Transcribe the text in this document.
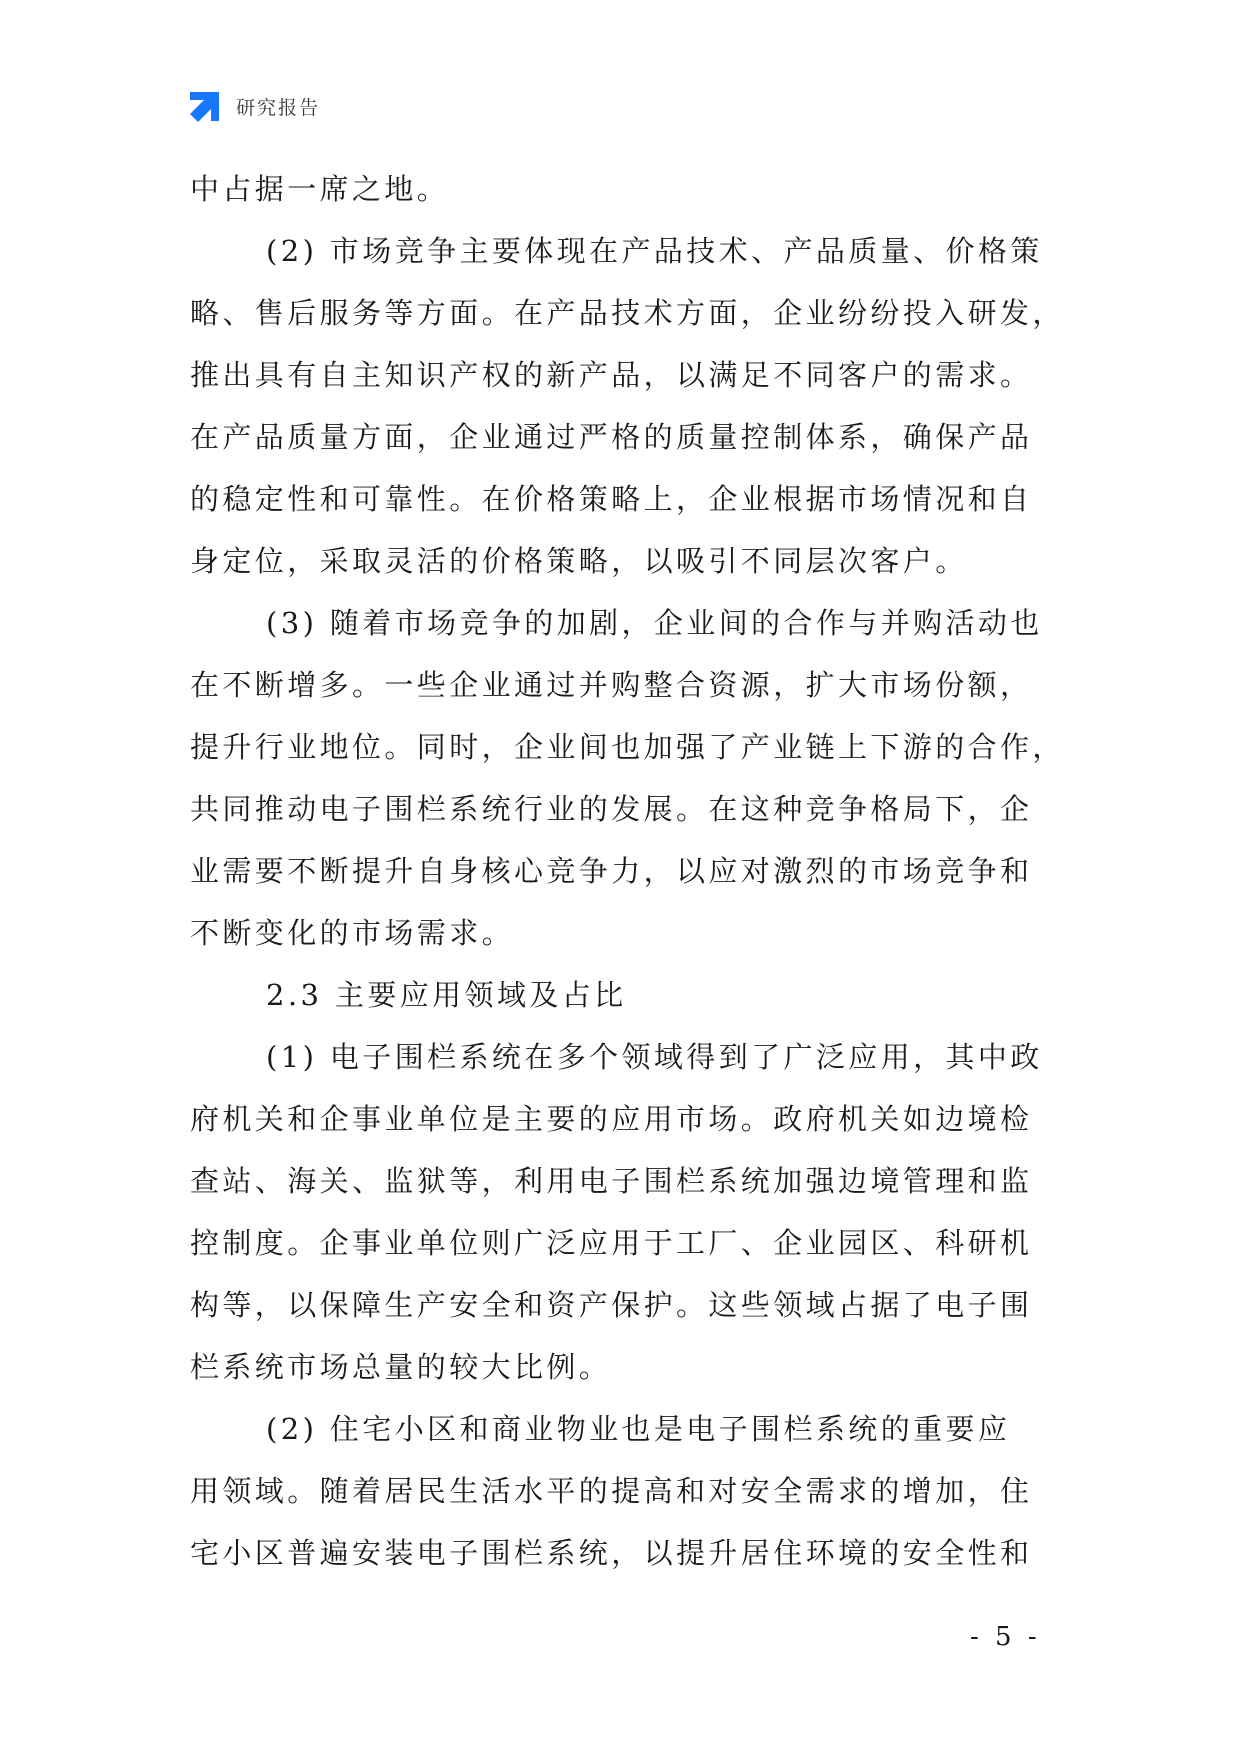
研究报告
中占据一席之地。
(2) 市场竞争主要体现在产品技术、产品质量、价格策
略、售后服务等方面。在产品技术方面，企业纷纷投入研发，
推出具有自主知识产权的新产品，以满足不同客户的需求。
在产品质量方面，企业通过严格的质量控制体系，确保产品
的稳定性和可靠性。在价格策略上，企业根据市场情况和自
身定位，采取灵活的价格策略，以吸引不同层次客户。
(3) 随着市场竞争的加剧，企业间的合作与并购活动也
在不断增多。一些企业通过并购整合资源，扩大市场份额，
提升行业地位。同时，企业间也加强了产业链上下游的合作，
共同推动电子围栏系统行业的发展。在这种竞争格局下，企
业需要不断提升自身核心竞争力，以应对激烈的市场竞争和
不断变化的市场需求。
2.3 主要应用领域及占比
(1) 电子围栏系统在多个领域得到了广泛应用，其中政
府机关和企事业单位是主要的应用市场。政府机关如边境检
查站、海关、监狱等，利用电子围栏系统加强边境管理和监
控制度。企事业单位则广泛应用于工厂、企业园区、科研机
构等，以保障生产安全和资产保护。这些领域占据了电子围
栏系统市场总量的较大比例。
(2) 住宅小区和商业物业也是电子围栏系统的重要应
用领域。随着居民生活水平的提高和对安全需求的增加，住
宅小区普遍安装电子围栏系统，以提升居住环境的安全性和
- 5 -
